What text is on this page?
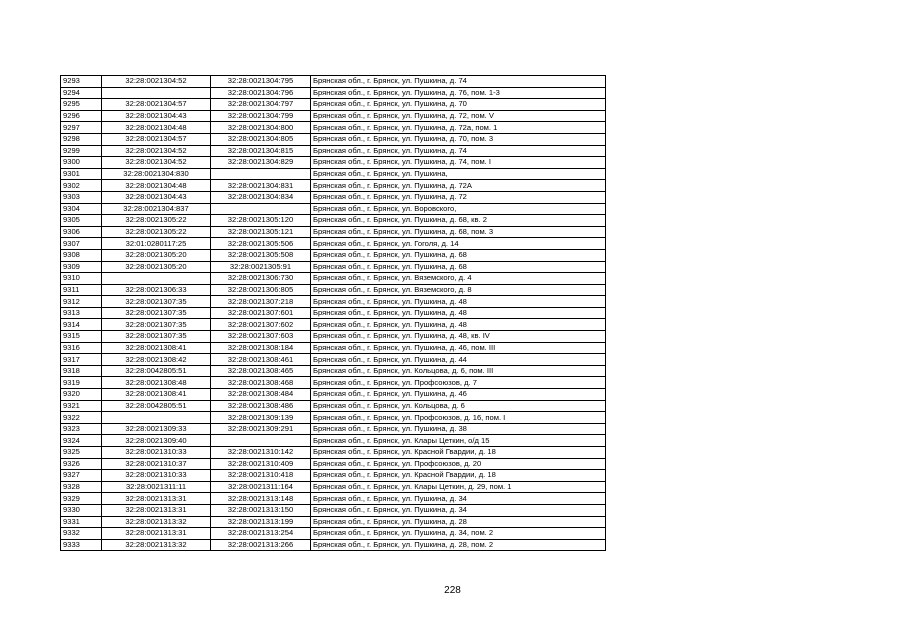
9293	32:28:0021304:52	32:28:0021304:795	Брянская обл., г. Брянск, ул. Пушкина, д. 74
9294		32:28:0021304:796	Брянская обл., г. Брянск, ул. Пушкина, д. 76, пом. 1-3
9295	32:28:0021304:57	32:28:0021304:797	Брянская обл., г. Брянск, ул. Пушкина, д. 70
9296	32:28:0021304:43	32:28:0021304:799	Брянская обл., г. Брянск, ул. Пушкина, д. 72, пом. V
9297	32:28:0021304:48	32:28:0021304:800	Брянская обл., г. Брянск, ул. Пушкина, д. 72а, пом. 1
9298	32:28:0021304:57	32:28:0021304:805	Брянская обл., г. Брянск, ул. Пушкина, д. 70, пом. 3
9299	32:28:0021304:52	32:28:0021304:815	Брянская обл., г. Брянск, ул. Пушкина, д. 74
9300	32:28:0021304:52	32:28:0021304:829	Брянская обл., г. Брянск, ул. Пушкина, д. 74, пом. I
9301	32:28:0021304:830		Брянская обл., г. Брянск, ул. Пушкина,
9302	32:28:0021304:48	32:28:0021304:831	Брянская обл., г. Брянск, ул. Пушкина, д. 72А
9303	32:28:0021304:43	32:28:0021304:834	Брянская обл., г. Брянск, ул. Пушкина, д. 72
9304	32:28:0021304:837		Брянская обл., г. Брянск, ул. Воровского,
9305	32:28:0021305:22	32:28:0021305:120	Брянская обл., г. Брянск, ул. Пушкина, д. 68, кв. 2
9306	32:28:0021305:22	32:28:0021305:121	Брянская обл., г. Брянск, ул. Пушкина, д. 68, пом. 3
9307	32:01:0280117:25	32:28:0021305:506	Брянская обл., г. Брянск, ул. Гоголя, д. 14
9308	32:28:0021305:20	32:28:0021305:508	Брянская обл., г. Брянск, ул. Пушкина, д. 68
9309	32:28:0021305:20	32:28:0021305:91	Брянская обл., г. Брянск, ул. Пушкина, д. 68
9310		32:28:0021306:730	Брянская обл., г. Брянск, ул. Вяземского, д. 4
9311	32:28:0021306:33	32:28:0021306:805	Брянская обл., г. Брянск, ул. Вяземского, д. 8
9312	32:28:0021307:35	32:28:0021307:218	Брянская обл., г. Брянск, ул. Пушкина, д. 48
9313	32:28:0021307:35	32:28:0021307:601	Брянская обл., г. Брянск, ул. Пушкина, д. 48
9314	32:28:0021307:35	32:28:0021307:602	Брянская обл., г. Брянск, ул. Пушкина, д. 48
9315	32:28:0021307:35	32:28:0021307:603	Брянская обл., г. Брянск, ул. Пушкина, д. 48, кв. IV
9316	32:28:0021308:41	32:28:0021308:184	Брянская обл., г. Брянск, ул. Пушкина, д. 46, пом. III
9317	32:28:0021308:42	32:28:0021308:461	Брянская обл., г. Брянск, ул. Пушкина, д. 44
9318	32:28:0042805:51	32:28:0021308:465	Брянская обл., г. Брянск, ул. Кольцова, д. 6, пом. III
9319	32:28:0021308:48	32:28:0021308:468	Брянская обл., г. Брянск, ул. Профсоюзов, д. 7
9320	32:28:0021308:41	32:28:0021308:484	Брянская обл., г. Брянск, ул. Пушкина, д. 46
9321	32:28:0042805:51	32:28:0021308:486	Брянская обл., г. Брянск, ул. Кольцова, д. 6
9322		32:28:0021309:139	Брянская обл., г. Брянск, ул. Профсоюзов, д. 16, пом. I
9323	32:28:0021309:33	32:28:0021309:291	Брянская обл., г. Брянск, ул. Пушкина, д. 38
9324	32:28:0021309:40		Брянская обл., г. Брянск, ул. Клары Цеткин, о/д 15
9325	32:28:0021310:33	32:28:0021310:142	Брянская обл., г. Брянск, ул. Красной Гвардии, д. 18
9326	32:28:0021310:37	32:28:0021310:409	Брянская обл., г. Брянск, ул. Профсоюзов, д. 20
9327	32:28:0021310:33	32:28:0021310:418	Брянская обл., г. Брянск, ул. Красной Гвардии, д. 18
9328	32:28:0021311:11	32:28:0021311:164	Брянская обл., г. Брянск, ул. Клары Цеткин, д. 29, пом. 1
9329	32:28:0021313:31	32:28:0021313:148	Брянская обл., г. Брянск, ул. Пушкина, д. 34
9330	32:28:0021313:31	32:28:0021313:150	Брянская обл., г. Брянск, ул. Пушкина, д. 34
9331	32:28:0021313:32	32:28:0021313:199	Брянская обл., г. Брянск, ул. Пушкина, д. 28
9332	32:28:0021313:31	32:28:0021313:254	Брянская обл., г. Брянск, ул. Пушкина, д. 34, пом. 2
9333	32:28:0021313:32	32:28:0021313:266	Брянская обл., г. Брянск, ул. Пушкина, д. 28, пом. 2
228
